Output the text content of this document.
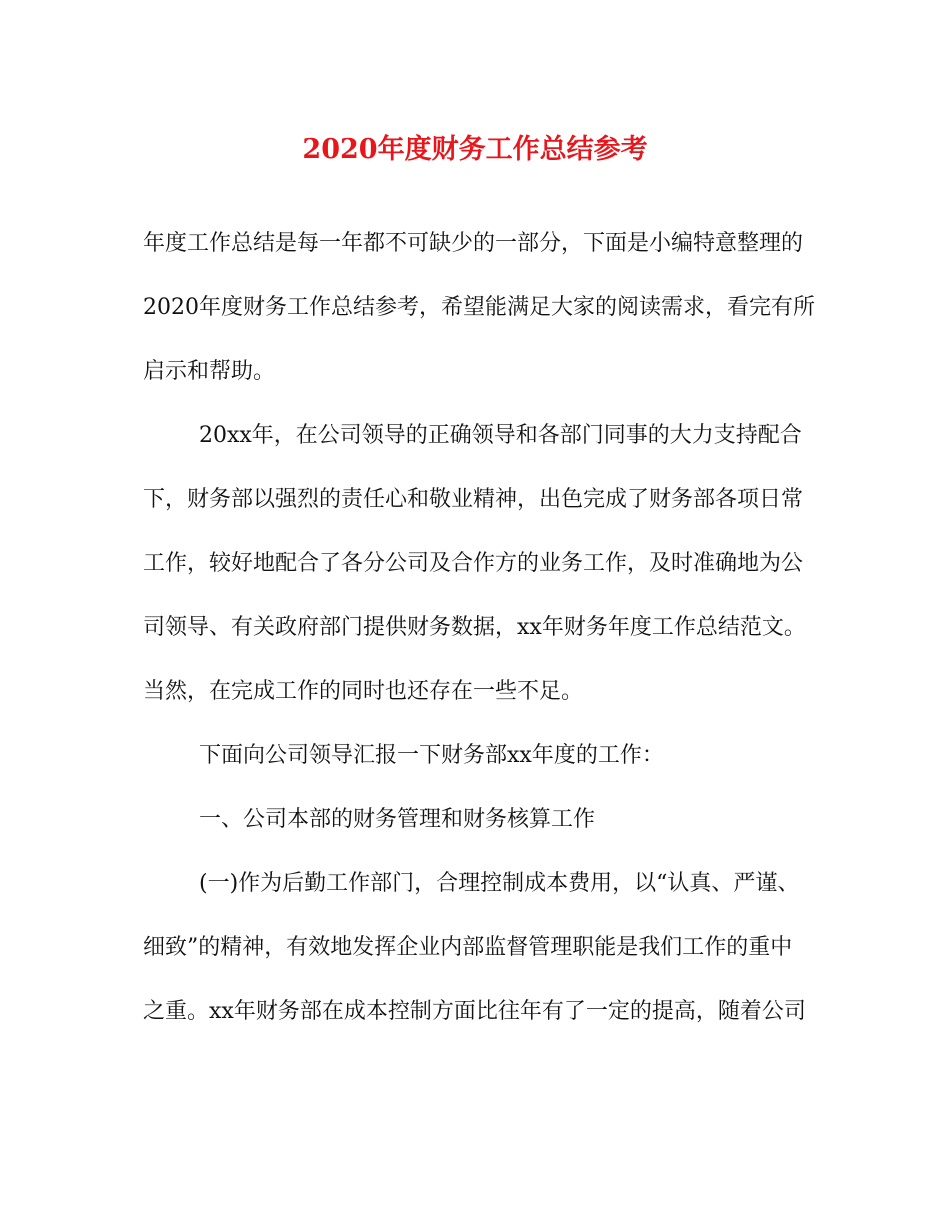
2020年度财务工作总结参考
年度工作总结是每一年都不可缺少的一部分，下面是小编特意整理的
2020年度财务工作总结参考，希望能满足大家的阅读需求，看完有所
启示和帮助。
20xx年，在公司领导的正确领导和各部门同事的大力支持配合
下，财务部以强烈的责任心和敬业精神，出色完成了财务部各项日常
工作，较好地配合了各分公司及合作方的业务工作，及时准确地为公
司领导、有关政府部门提供财务数据，xx年财务年度工作总结范文。
当然，在完成工作的同时也还存在一些不足。
下面向公司领导汇报一下财务部xx年度的工作：
一、公司本部的财务管理和财务核算工作
(一)作为后勤工作部门，合理控制成本费用，以“认真、严谨、
细致”的精神，有效地发挥企业内部监督管理职能是我们工作的重中
之重。xx年财务部在成本控制方面比往年有了一定的提高，随着公司
